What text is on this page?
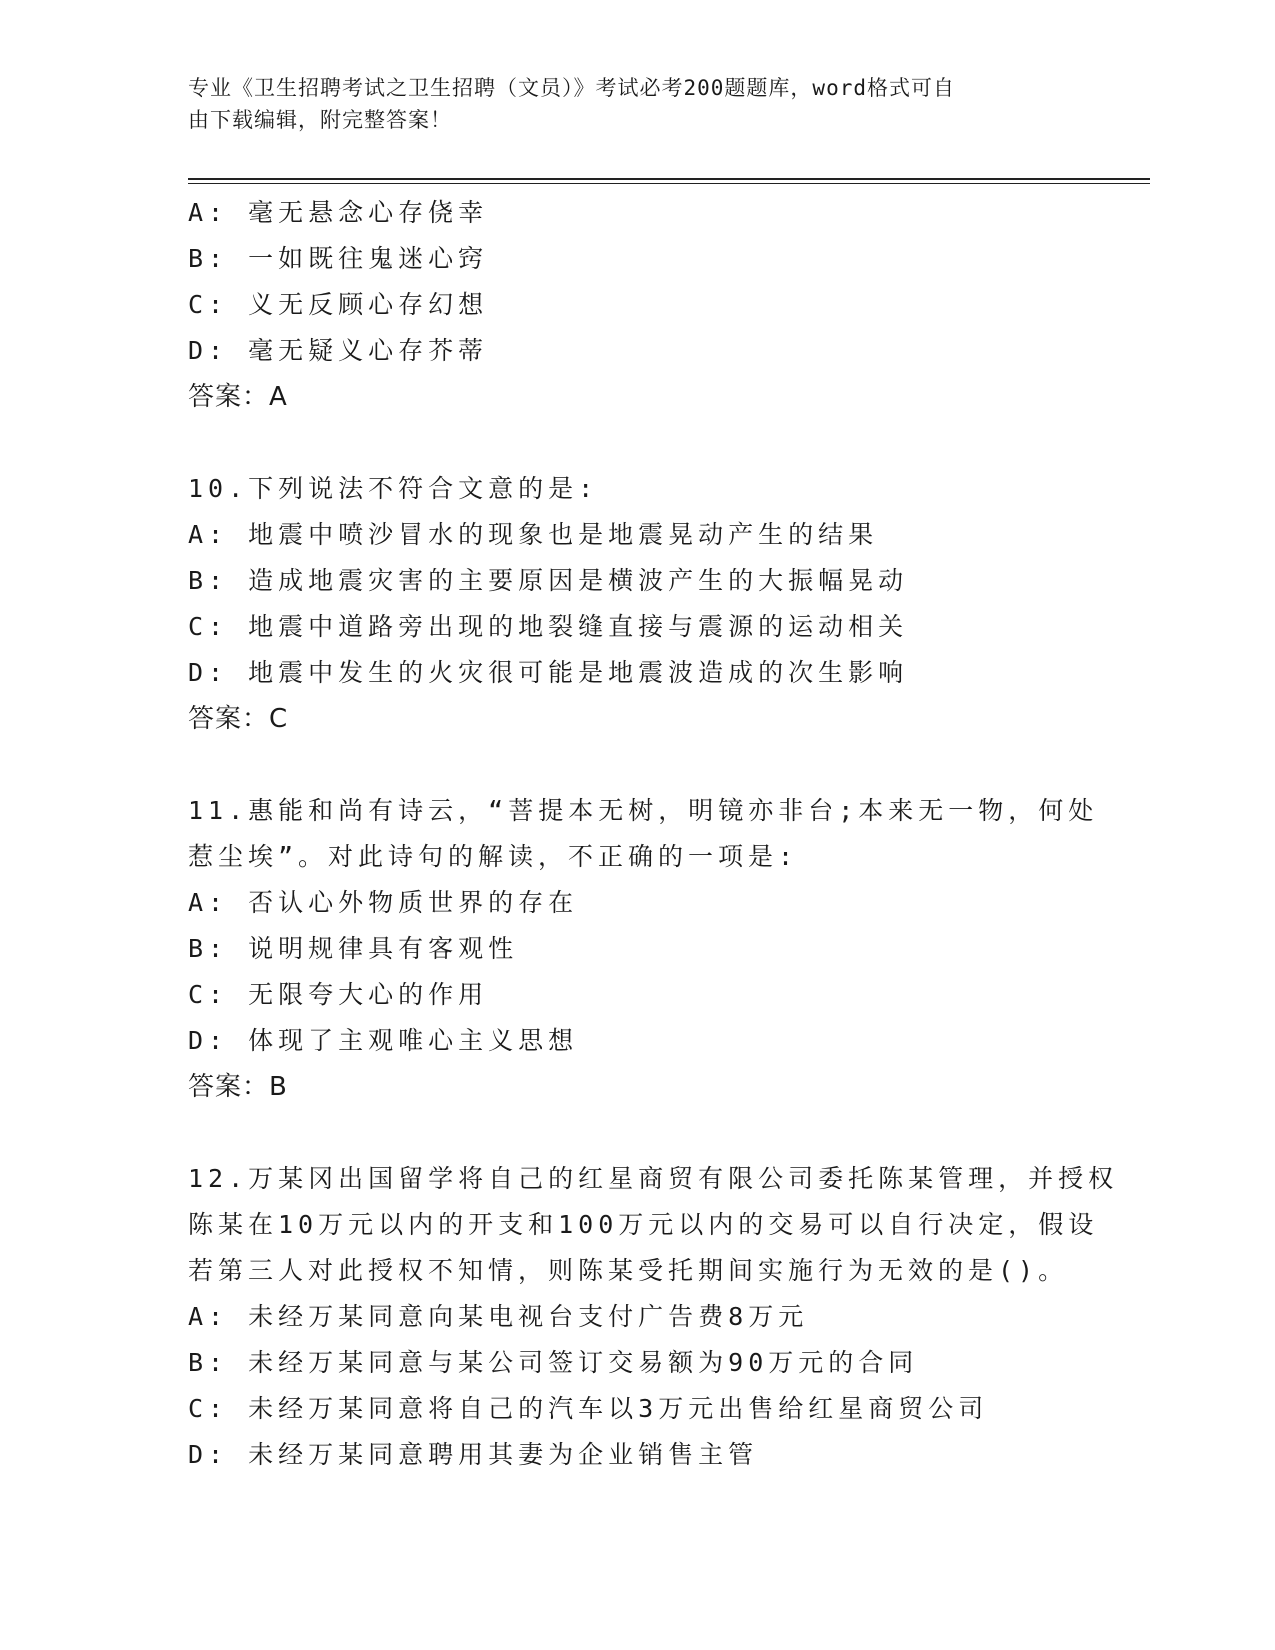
专业《卫生招聘考试之卫生招聘（文员）》考试必考200题题库，word格式可自
由下载编辑，附完整答案！
A: 毫无悬念心存侥幸
B: 一如既往鬼迷心窍
C: 义无反顾心存幻想
D: 毫无疑义心存芥蒂
答案：A
10.下列说法不符合文意的是:
A: 地震中喷沙冒水的现象也是地震晃动产生的结果
B: 造成地震灾害的主要原因是横波产生的大振幅晃动
C: 地震中道路旁出现的地裂缝直接与震源的运动相关
D: 地震中发生的火灾很可能是地震波造成的次生影响
答案：C
11.惠能和尚有诗云，“菩提本无树，明镜亦非台;本来无一物，何处
惹尘埃”。对此诗句的解读，不正确的一项是:
A: 否认心外物质世界的存在
B: 说明规律具有客观性
C: 无限夸大心的作用
D: 体现了主观唯心主义思想
答案：B
12.万某冈出国留学将自己的红星商贸有限公司委托陈某管理，并授权
陈某在10万元以内的开支和100万元以内的交易可以自行决定，假设
若第三人对此授权不知情，则陈某受托期间实施行为无效的是()。
A: 未经万某同意向某电视台支付广告费8万元
B: 未经万某同意与某公司签订交易额为90万元的合同
C: 未经万某同意将自己的汽车以3万元出售给红星商贸公司
D: 未经万某同意聘用其妻为企业销售主管
